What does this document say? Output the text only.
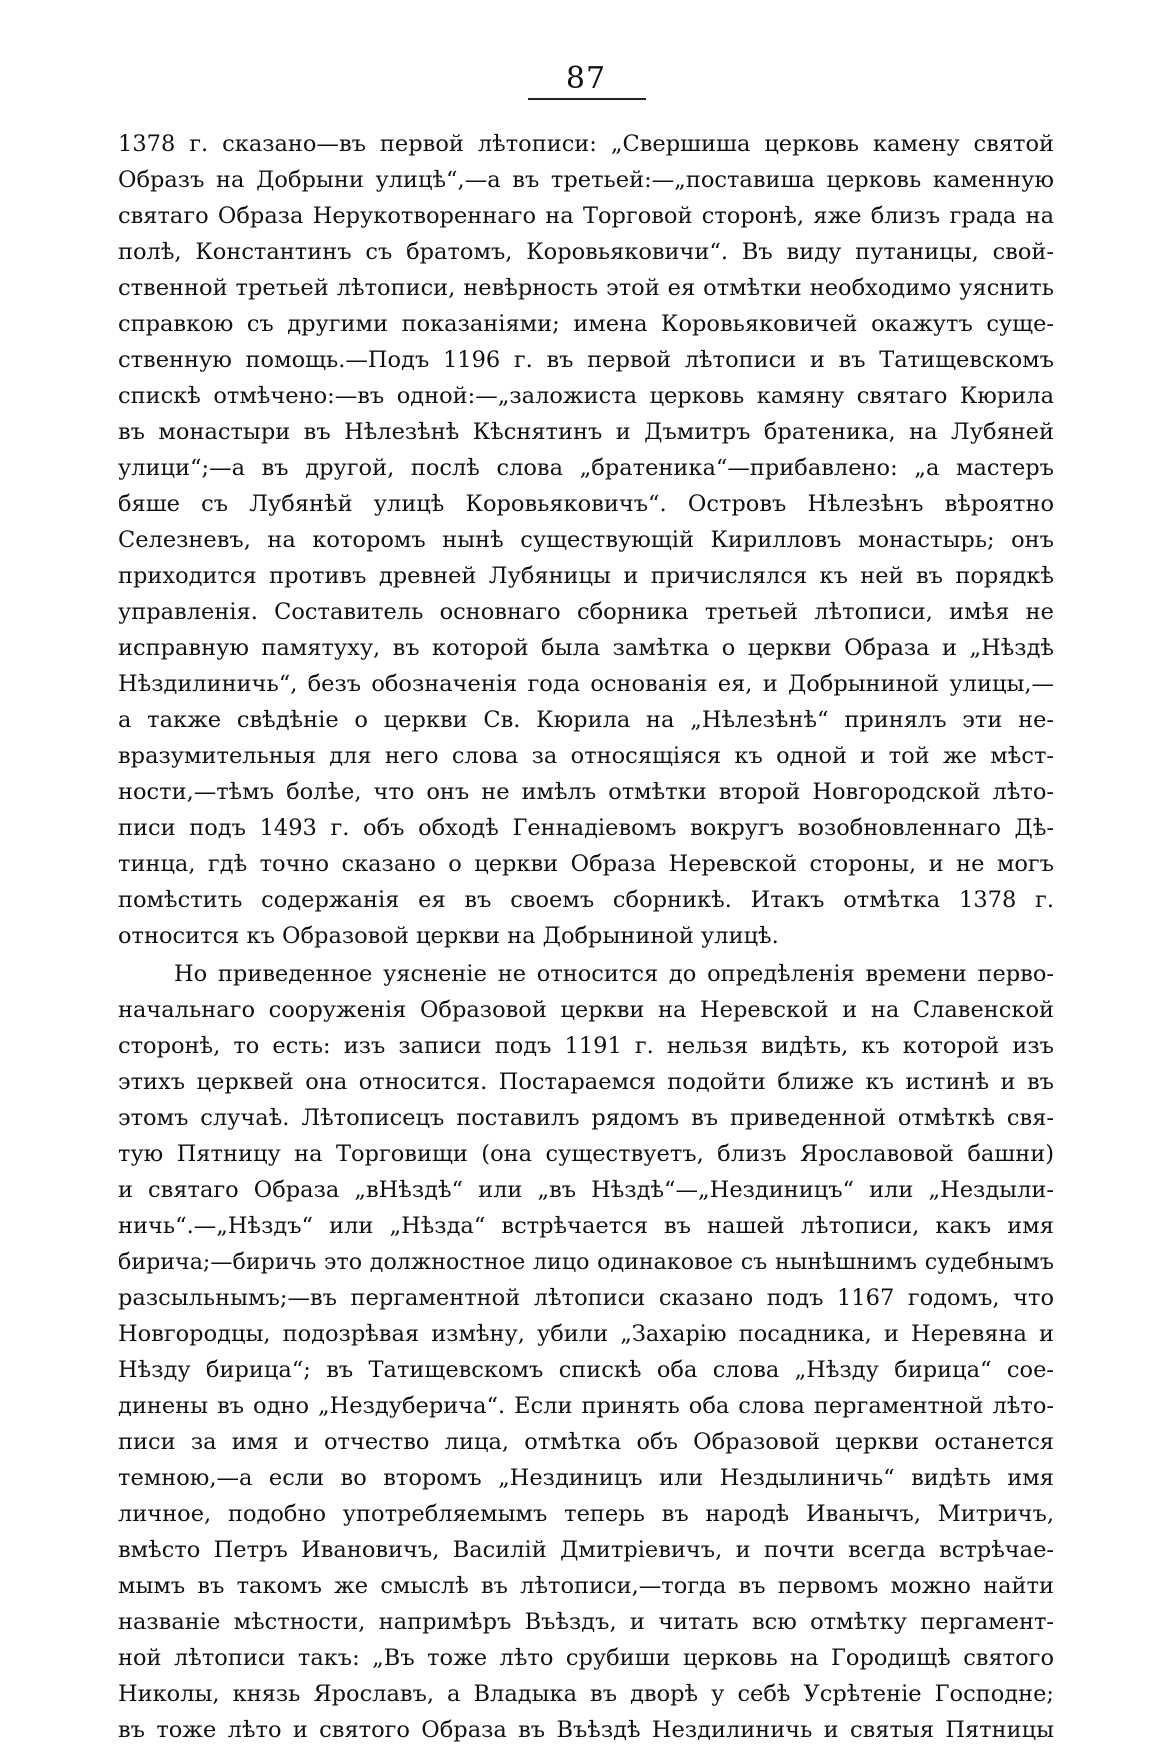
87
1378 г. сказано—въ первой лѣтописи: „Свершиша церковь камену святой
Образъ на Добрыни улицѣ“,—а въ третьей:—„поставиша церковь каменную
святаго Образа Нерукотвореннаго на Торговой сторонѣ, яже близъ града на
полѣ, Константинъ съ братомъ, Коровьяковичи“. Въ виду путаницы, свой-
ственной третьей лѣтописи, невѣрность этой ея отмѣтки необходимо уяснить
справкою съ другими показаніями; имена Коровьяковичей окажутъ суще-
ственную помощь.—Подъ 1196 г. въ первой лѣтописи и въ Татищевскомъ
спискѣ отмѣчено:—въ одной:—„заложиста церковь камяну святаго Кюрила
въ монастыри въ Нѣлезѣнѣ Кѣснятинъ и Дъмитръ братеника, на Лубяней
улици“;—а въ другой, послѣ слова „братеника“—прибавлено: „а мастеръ
бяше съ Лубянѣй улицѣ Коровьяковичъ“. Островъ Нѣлезѣнъ вѣроятно
Селезневъ, на которомъ нынѣ существующій Кирилловъ монастырь; онъ
приходится противъ древней Лубяницы и причислялся къ ней въ порядкѣ
управленія. Составитель основнаго сборника третьей лѣтописи, имѣя не
исправную памятуху, въ которой была замѣтка о церкви Образа и „Нѣздѣ
Нѣздилиничь“, безъ обозначенія года основанія ея, и Добрыниной улицы,—
а также свѣдѣніе о церкви Св. Кюрила на „Нѣлезѣнѣ“ принялъ эти не-
вразумительныя для него слова за относящіяся къ одной и той же мѣст-
ности,—тѣмъ болѣе, что онъ не имѣлъ отмѣтки второй Новгородской лѣто-
писи подъ 1493 г. объ обходѣ Геннадіевомъ вокругъ возобновленнаго Дѣ-
тинца, гдѣ точно сказано о церкви Образа Неревской стороны, и не могъ
помѣстить содержанія ея въ своемъ сборникѣ. Итакъ отмѣтка 1378 г.
относится къ Образовой церкви на Добрыниной улицѣ.
Но приведенное уясненіе не относится до опредѣленія времени перво-
начальнаго сооруженія Образовой церкви на Неревской и на Славенской
сторонѣ, то есть: изъ записи подъ 1191 г. нельзя видѣть, къ которой изъ
этихъ церквей она относится. Постараемся подойти ближе къ истинѣ и въ
этомъ случаѣ. Лѣтописецъ поставилъ рядомъ въ приведенной отмѣткѣ свя-
тую Пятницу на Торговищи (она существуетъ, близъ Ярославовой башни)
и святаго Образа „вНѣздѣ“ или „въ Нѣздѣ“—„Нездиницъ“ или „Нездыли-
ничь“.—„Нѣздъ“ или „Нѣзда“ встрѣчается въ нашей лѣтописи, какъ имя
бирича;—биричь это должностное лицо одинаковое съ нынѣшнимъ судебнымъ
разсыльнымъ;—въ пергаментной лѣтописи сказано подъ 1167 годомъ, что
Новгородцы, подозрѣвая измѣну, убили „Захарію посадника, и Неревяна и
Нѣзду бирица“; въ Татищевскомъ спискѣ оба слова „Нѣзду бирица“ сое-
динены въ одно „Нездуберича“. Если принять оба слова пергаментной лѣто-
писи за имя и отчество лица, отмѣтка объ Образовой церкви останется
темною,—а если во второмъ „Нездиницъ или Нездылиничь“ видѣть имя
личное, подобно употребляемымъ теперь въ народѣ Иванычъ, Митричъ,
вмѣсто Петръ Ивановичъ, Василій Дмитріевичъ, и почти всегда встрѣчае-
мымъ въ такомъ же смыслѣ въ лѣтописи,—тогда въ первомъ можно найти
названіе мѣстности, напримѣръ Въѣздъ, и читать всю отмѣтку пергамент-
ной лѣтописи такъ: „Въ тоже лѣто срубиши церковь на Городищѣ святого
Николы, князь Ярославъ, а Владыка въ дворѣ у себѣ Усрѣтеніе Господне;
въ тоже лѣто и святого Образа въ Въѣздѣ Нездилиничь и святыя Пятницы
